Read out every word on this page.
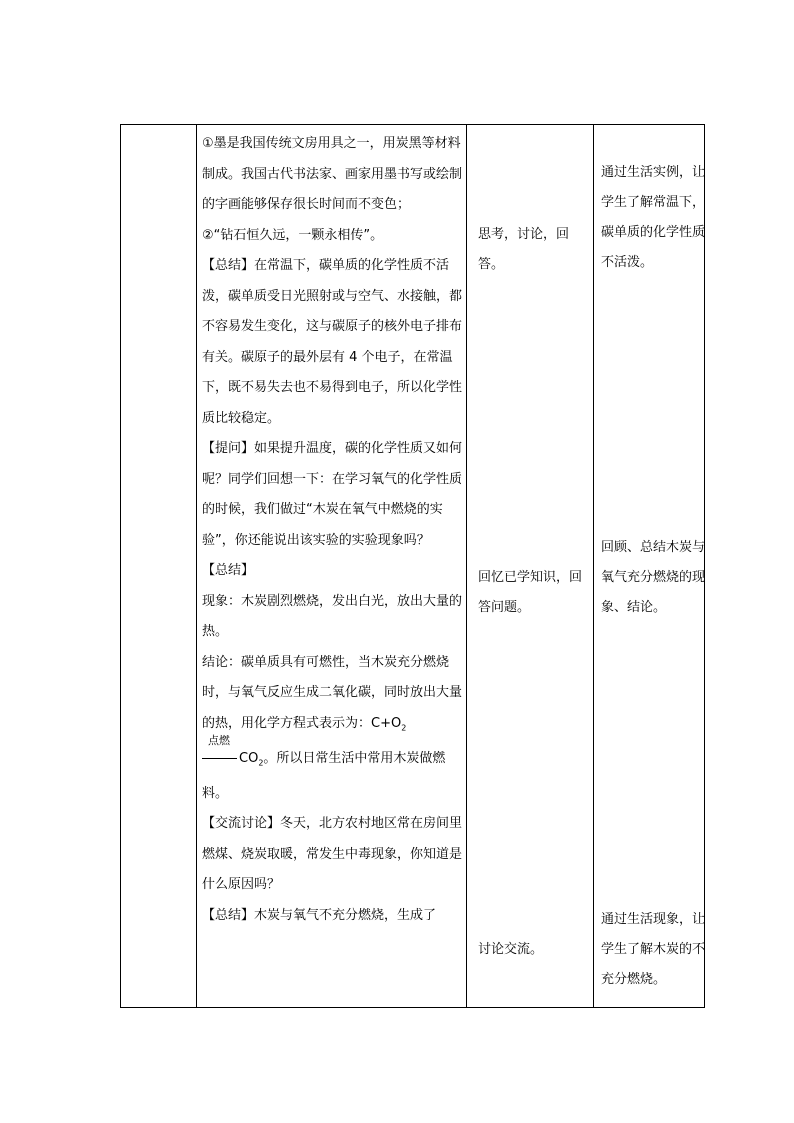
①墨是我国传统文房用具之一，用炭黑等材料制成。我国古代书法家、画家用墨书写或绘制的字画能够保存很长时间而不变色；

②“钻石恒久远，一颗永相传”。

【总结】在常温下，碳单质的化学性质不活泼，碳单质受日光照射或与空气、水接触，都不容易发生变化，这与碳原子的核外电子排布有关。碳原子的最外层有 4 个电子，在常温下，既不易失去也不易得到电子，所以化学性质比较稳定。

【提问】如果提升温度，碳的化学性质又如何呢？同学们回想一下：在学习氧气的化学性质的时候，我们做过“木炭在氧气中燃烧的实验”，你还能说出该实验的实验现象吗？

【总结】

现象：木炭剧烈燃烧，发出白光，放出大量的热。

结论：碳单质具有可燃性，当木炭充分燃烧时，与氧气反应生成二氧化碳，同时放出大量的热，用化学方程式表示为：$C+O_2$

点燃
$CO_2$。所以日常生活中常用木炭做燃料。

【交流讨论】冬天，北方农村地区常在房间里燃煤、烧炭取暖，常发生中毒现象，你知道是什么原因吗？

【总结】木炭与氧气不充分燃烧，生成了

思考，讨论，回答。

回忆已学知识，回答问题。

讨论交流。

通过生活实例，让学生了解常温下，碳单质的化学性质不活泼。

回顾、总结木炭与氧气充分燃烧的现象、结论。

通过生活现象，让学生了解木炭的不充分燃烧。
